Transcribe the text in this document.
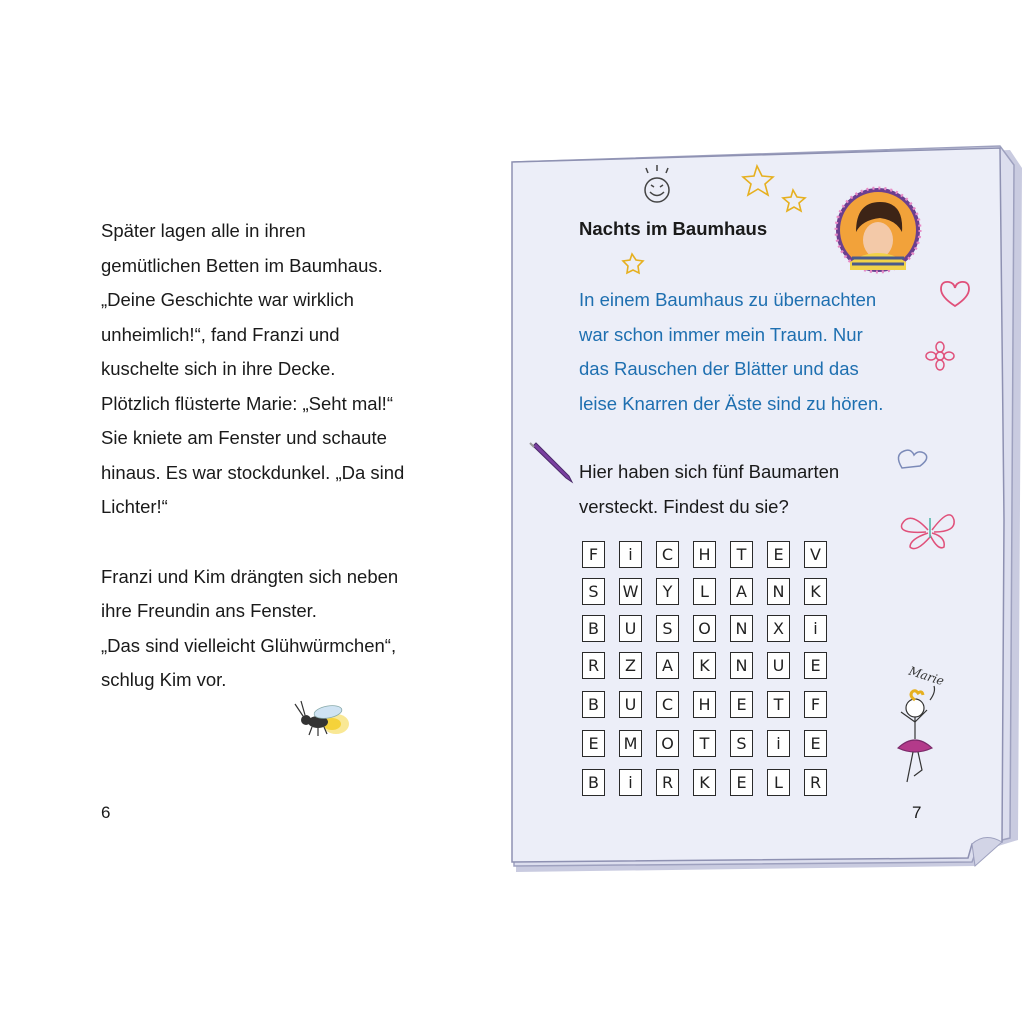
Marie

Später lagen alle in ihren

gemütlichen Betten im Baumhaus.

„Deine Geschichte war wirklich

unheimlich!“, fand Franzi und

kuschelte sich in ihre Decke.

Plötzlich flüsterte Marie: „Seht mal!“

Sie kniete am Fenster und schaute

hinaus. Es war stockdunkel. „Da sind

Lichter!“

Franzi und Kim drängten sich neben

ihre Freundin ans Fenster.

„Das sind vielleicht Glühwürmchen“,

schlug Kim vor.

6
Nachts im Baumhaus

In einem Baumhaus zu übernachten

war schon immer mein Traum. Nur

das Rauschen der Blätter und das

leise Knarren der Äste sind zu hören.

Hier haben sich fünf Baumarten

versteckt. Findest du sie?

F	i	C	H	T	E	V
S	W	Y	L	A	N	K
B	U	S	O	N	X	i
R	Z	A	K	N	U	E
B	U	C	H	E	T	F
E	M	O	T	S	i	E
B	i	R	K	E	L	R
7
